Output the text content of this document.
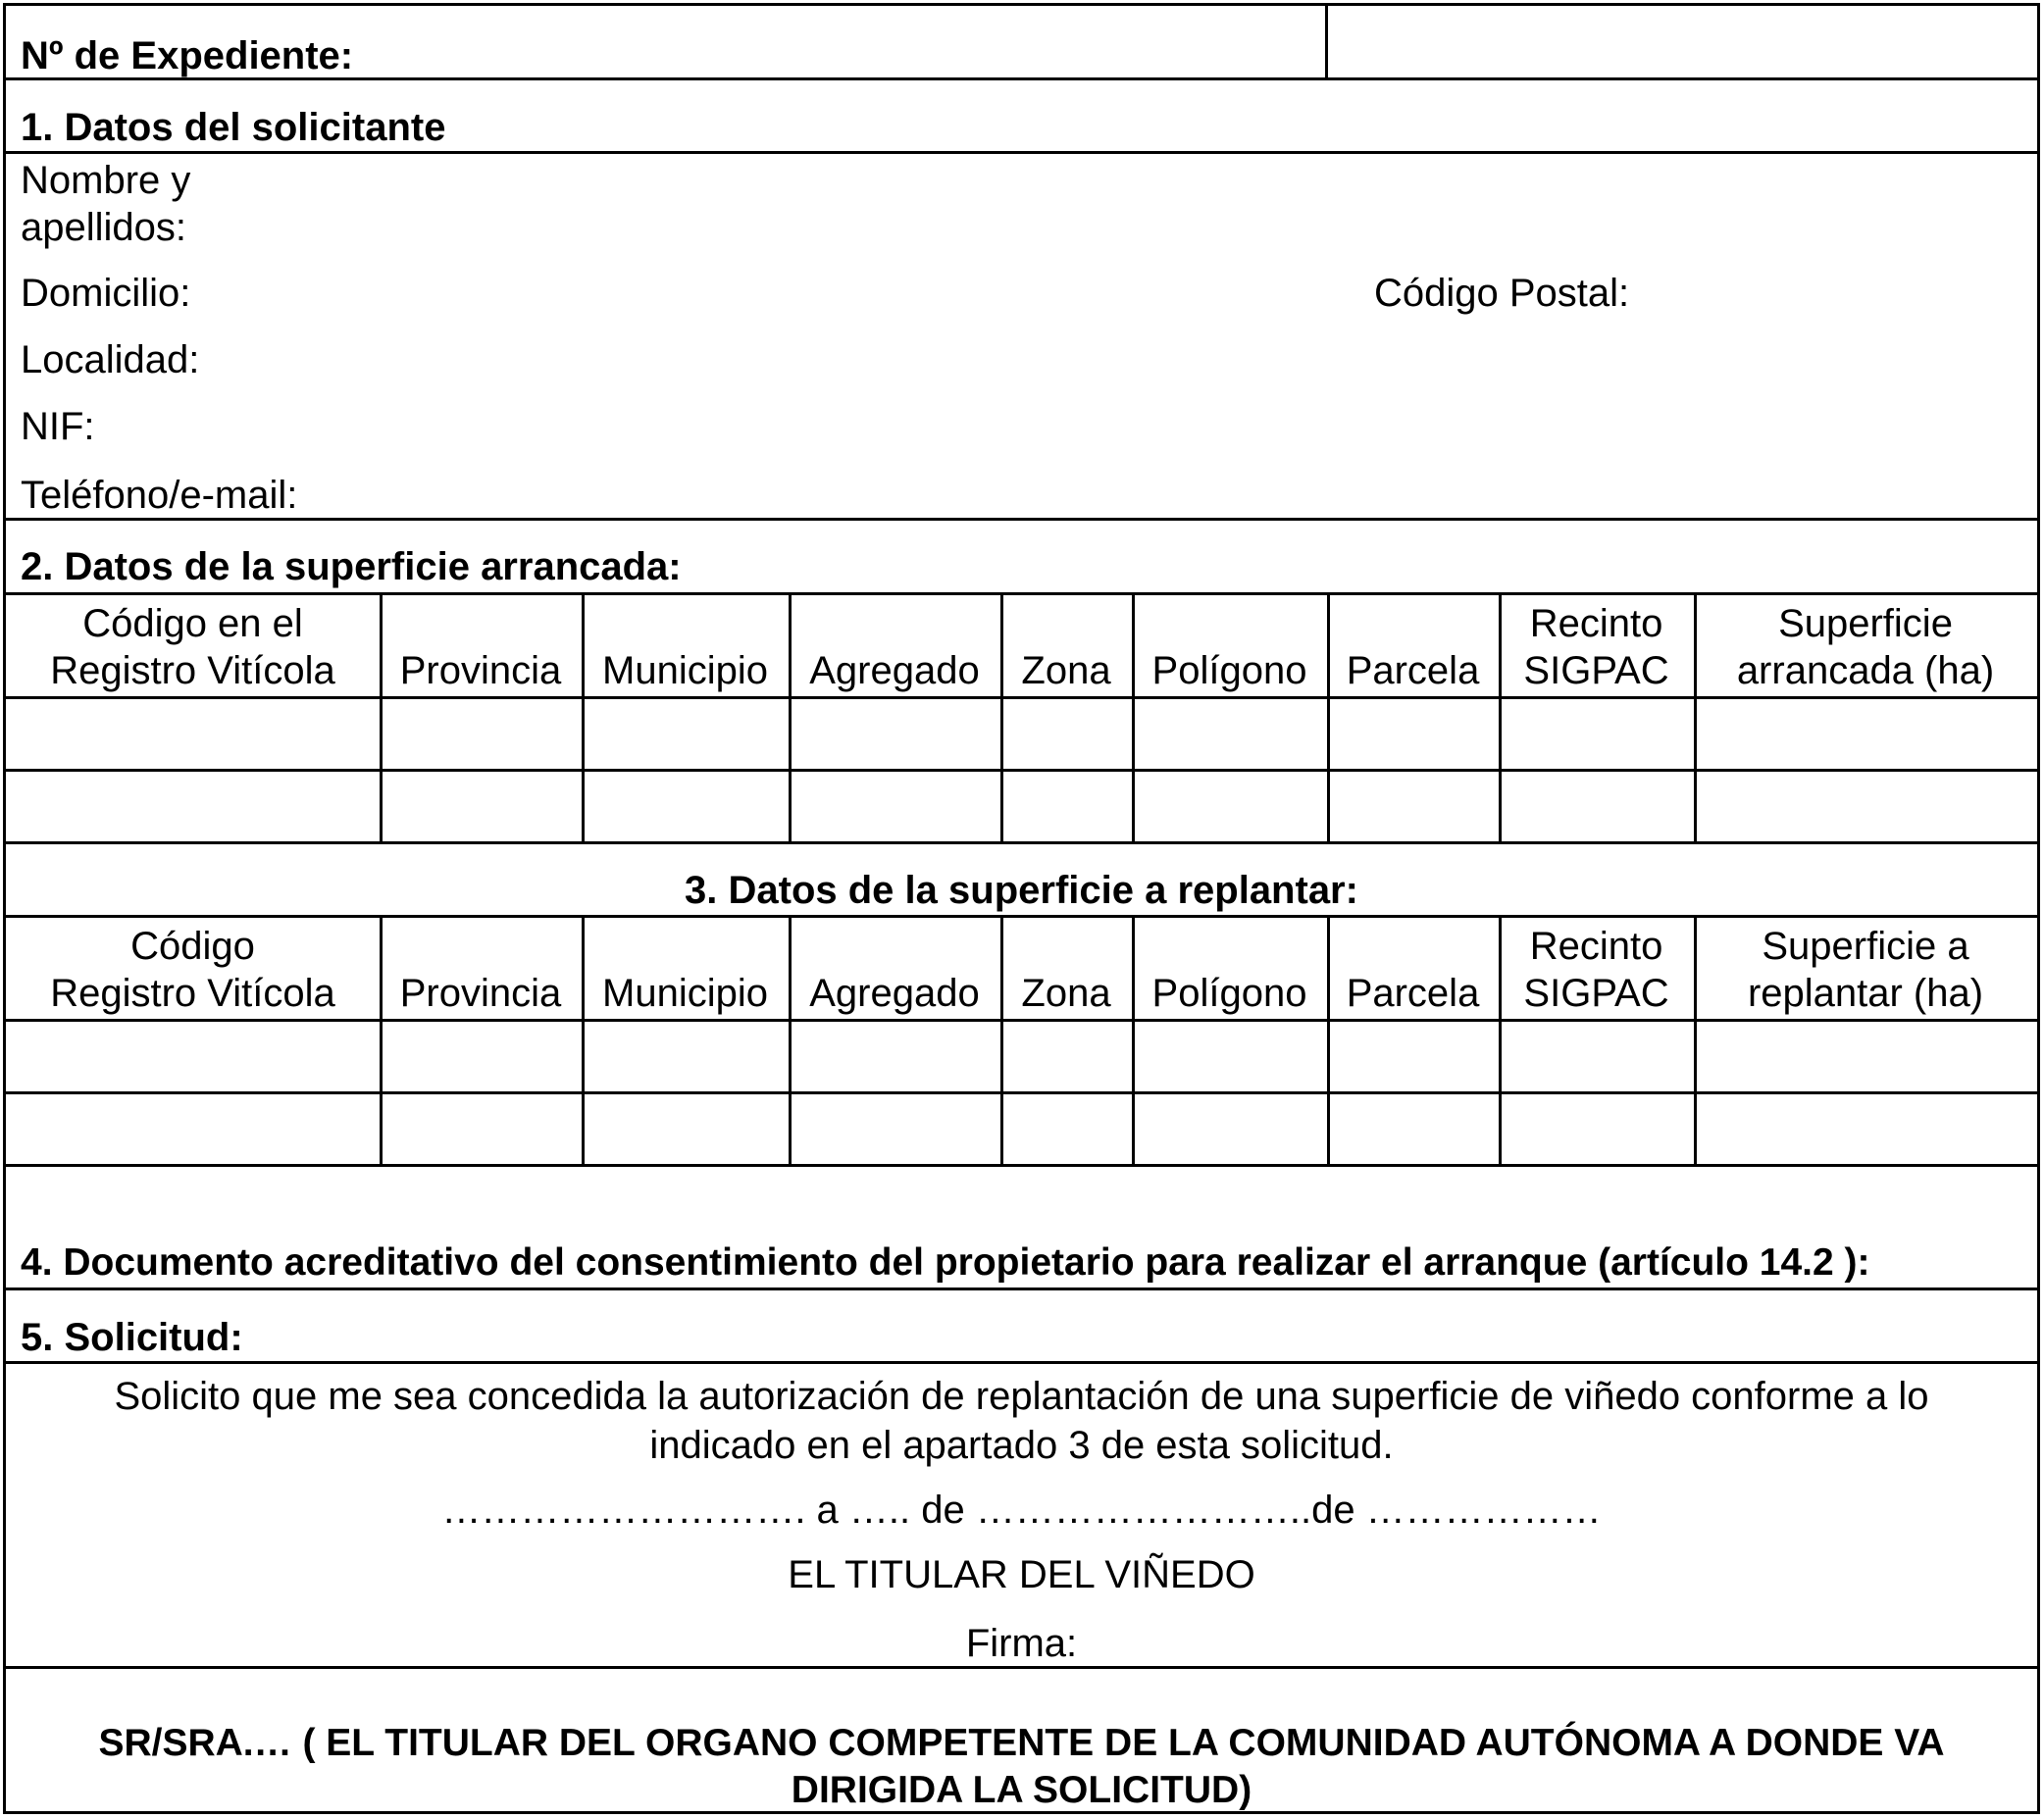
Nº de Expediente:
1. Datos del solicitante
Nombre y
apellidos:
Domicilio:	Código Postal:
Localidad:
NIF:
Teléfono/e-mail:
2. Datos de la superficie arrancada:
Código en el
Registro Vitícola Provincia Municipio Agregado Zona Polígono Parcela
Recinto
SIGPAC
Superficie
arrancada (ha)
3. Datos de la superficie a replantar:
Código
Registro Vitícola Provincia Municipio Agregado Zona Polígono Parcela
Recinto
SIGPAC
Superficie a
replantar (ha)
4. Documento acreditativo del consentimiento del propietario para realizar el arranque (artículo 14.2 ):
5. Solicitud:
Solicito que me sea concedida la autorización de replantación de una superficie de viñedo conforme a lo
indicado en el apartado 3 de esta solicitud.
………………………. a ….. de ……………………..de ………………
EL TITULAR DEL VIÑEDO
Firma:
SR/SRA.… ( EL TITULAR DEL ORGANO COMPETENTE DE LA COMUNIDAD AUTÓNOMA A DONDE VA
DIRIGIDA LA SOLICITUD)
